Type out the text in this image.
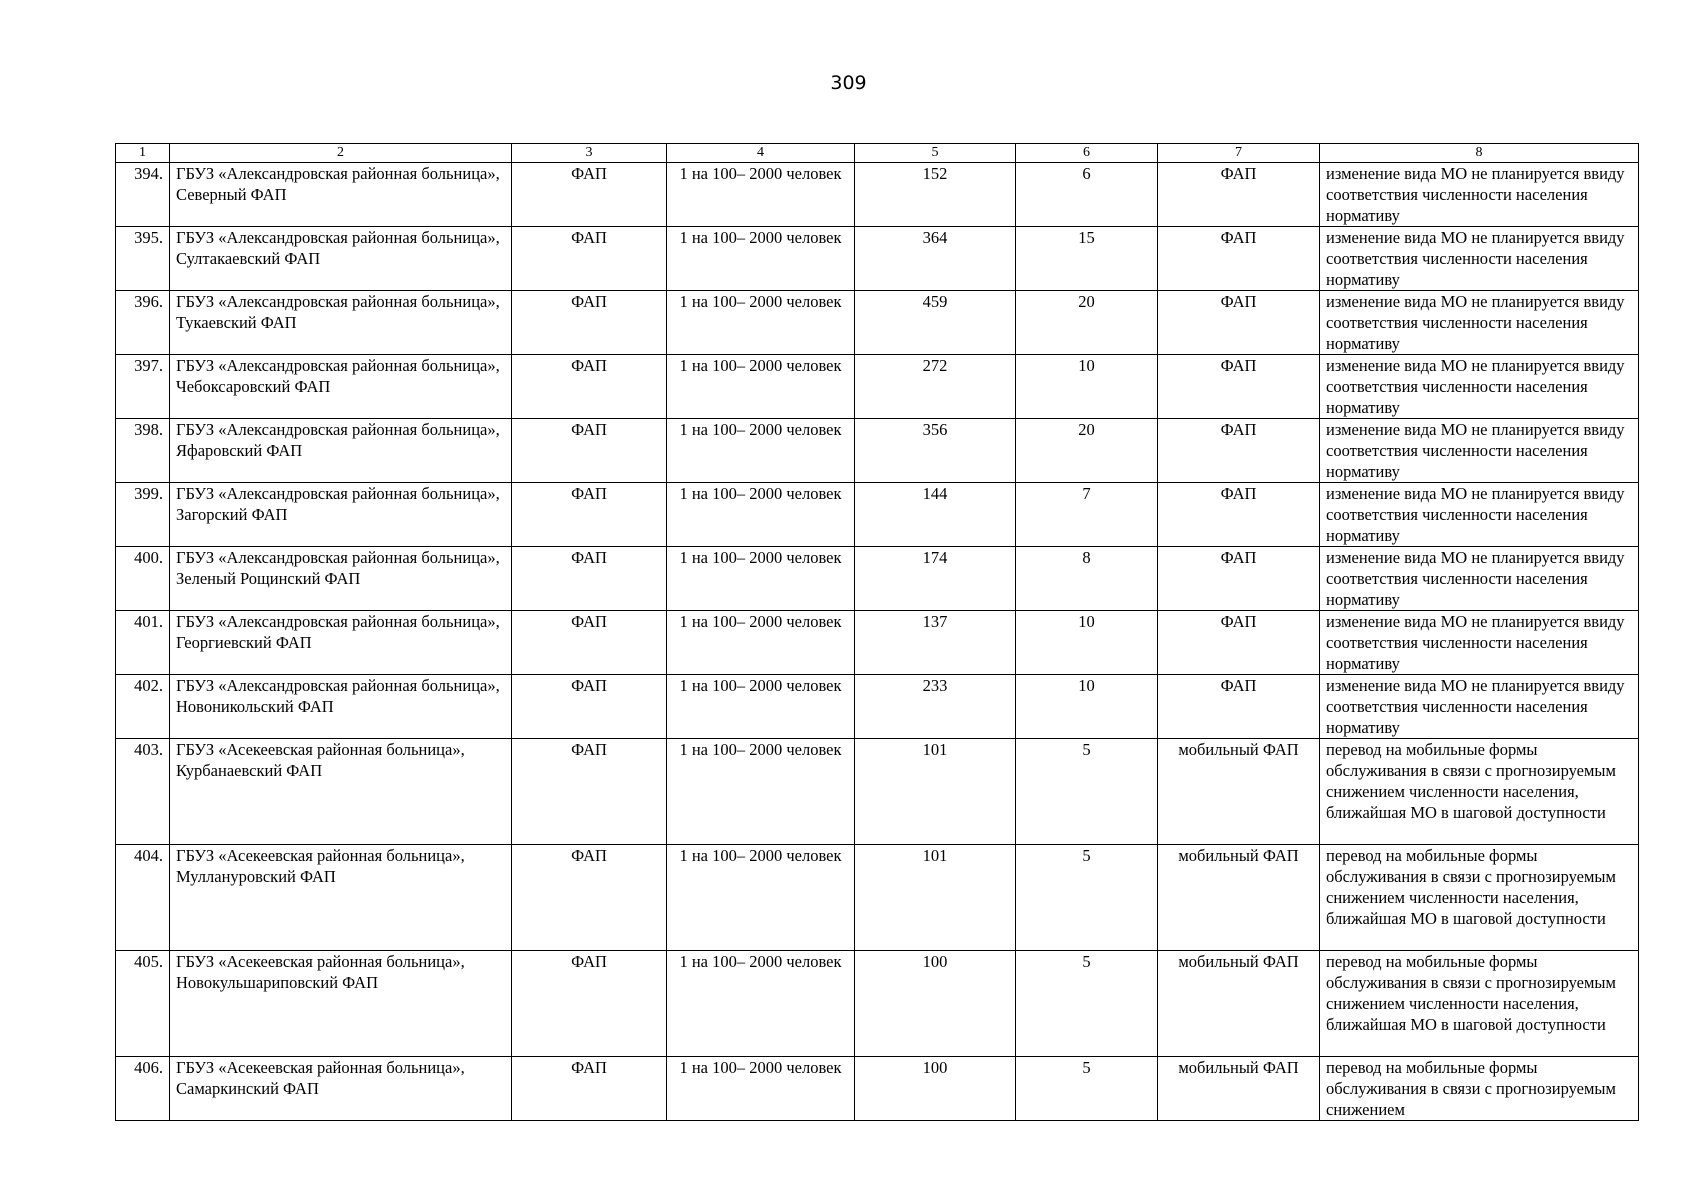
309
1	2	3	4	5	6	7	8
394.	ГБУЗ «Александровская районная больница», Северный ФАП	ФАП	1 на 100– 2000 человек	152	6	ФАП	изменение вида МО не планируется ввиду соответствия численности населения нормативу
395.	ГБУЗ «Александровская районная больница», Султакаевский ФАП	ФАП	1 на 100– 2000 человек	364	15	ФАП	изменение вида МО не планируется ввиду соответствия численности населения нормативу
396.	ГБУЗ «Александровская районная больница», Тукаевский ФАП	ФАП	1 на 100– 2000 человек	459	20	ФАП	изменение вида МО не планируется ввиду соответствия численности населения нормативу
397.	ГБУЗ «Александровская районная больница», Чебоксаровский ФАП	ФАП	1 на 100– 2000 человек	272	10	ФАП	изменение вида МО не планируется ввиду соответствия численности населения нормативу
398.	ГБУЗ «Александровская районная больница», Яфаровский ФАП	ФАП	1 на 100– 2000 человек	356	20	ФАП	изменение вида МО не планируется ввиду соответствия численности населения нормативу
399.	ГБУЗ «Александровская районная больница», Загорский ФАП	ФАП	1 на 100– 2000 человек	144	7	ФАП	изменение вида МО не планируется ввиду соответствия численности населения нормативу
400.	ГБУЗ «Александровская районная больница», Зеленый Рощинский ФАП	ФАП	1 на 100– 2000 человек	174	8	ФАП	изменение вида МО не планируется ввиду соответствия численности населения нормативу
401.	ГБУЗ «Александровская районная больница», Георгиевский ФАП	ФАП	1 на 100– 2000 человек	137	10	ФАП	изменение вида МО не планируется ввиду соответствия численности населения нормативу
402.	ГБУЗ «Александровская районная больница», Новоникольский ФАП	ФАП	1 на 100– 2000 человек	233	10	ФАП	изменение вида МО не планируется ввиду соответствия численности населения нормативу
403.	ГБУЗ «Асекеевская районная больница», Курбанаевский ФАП	ФАП	1 на 100– 2000 человек	101	5	мобильный ФАП	перевод на мобильные формы обслуживания в связи с прогнозируемым снижением численности населения, ближайшая МО в шаговой доступности
404.	ГБУЗ «Асекеевская районная больница», Муллануровский ФАП	ФАП	1 на 100– 2000 человек	101	5	мобильный ФАП	перевод на мобильные формы обслуживания в связи с прогнозируемым снижением численности населения, ближайшая МО в шаговой доступности
405.	ГБУЗ «Асекеевская районная больница», Новокульшариповский ФАП	ФАП	1 на 100– 2000 человек	100	5	мобильный ФАП	перевод на мобильные формы обслуживания в связи с прогнозируемым снижением численности населения, ближайшая МО в шаговой доступности
406.	ГБУЗ «Асекеевская районная больница», Самаркинский ФАП	ФАП	1 на 100– 2000 человек	100	5	мобильный ФАП	перевод на мобильные формы обслуживания в связи с прогнозируемым снижением
